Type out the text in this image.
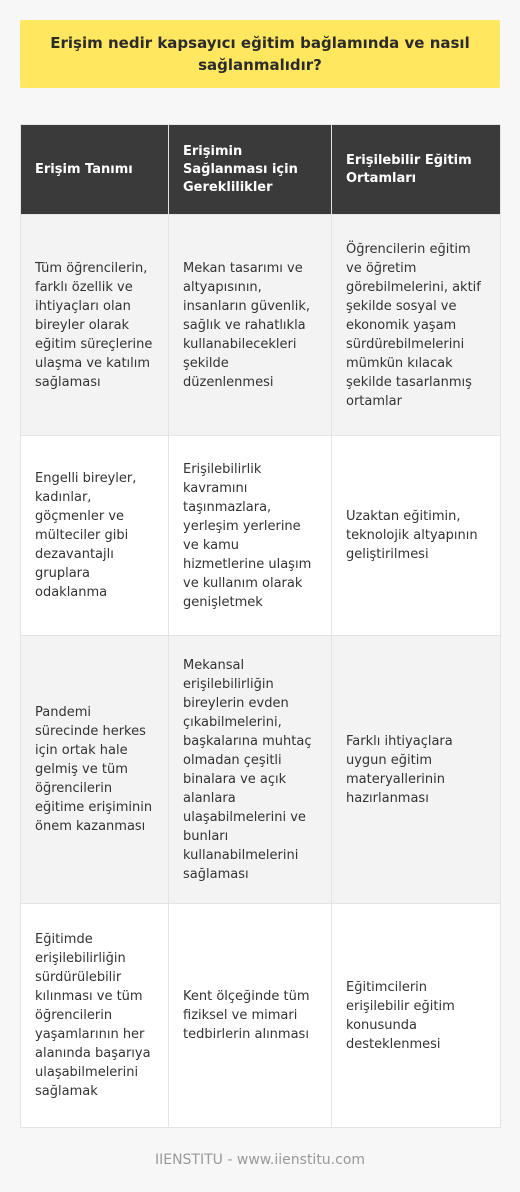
Erişim nedir kapsayıcı eğitim bağlamında ve nasıl sağlanmalıdır?
Erişim Tanımı	Erişimin Sağlanması için Gereklilikler	Erişilebilir Eğitim Ortamları
Tüm öğrencilerin, farklı özellik ve ihtiyaçları olan bireyler olarak eğitim süreçlerine ulaşma ve katılım sağlaması	Mekan tasarımı ve altyapısının, insanların güvenlik, sağlık ve rahatlıkla kullanabilecekleri şekilde düzenlenmesi	Öğrencilerin eğitim ve öğretim görebilmelerini, aktif şekilde sosyal ve ekonomik yaşam sürdürebilmelerini mümkün kılacak şekilde tasarlanmış ortamlar
Engelli bireyler, kadınlar, göçmenler ve mülteciler gibi dezavantajlı gruplara odaklanma	Erişilebilirlik kavramını taşınmazlara, yerleşim yerlerine ve kamu hizmetlerine ulaşım ve kullanım olarak genişletmek	Uzaktan eğitimin, teknolojik altyapının geliştirilmesi
Pandemi sürecinde herkes için ortak hale gelmiş ve tüm öğrencilerin eğitime erişiminin önem kazanması	Mekansal erişilebilirliğin bireylerin evden çıkabilmelerini, başkalarına muhtaç olmadan çeşitli binalara ve açık alanlara ulaşabilmelerini ve bunları kullanabilmelerini sağlaması	Farklı ihtiyaçlara uygun eğitim materyallerinin hazırlanması
Eğitimde erişilebilirliğin sürdürülebilir kılınması ve tüm öğrencilerin yaşamlarının her alanında başarıya ulaşabilmelerini sağlamak	Kent ölçeğinde tüm fiziksel ve mimari tedbirlerin alınması	Eğitimcilerin erişilebilir eğitim konusunda desteklenmesi
IIENSTITU - www.iienstitu.com
